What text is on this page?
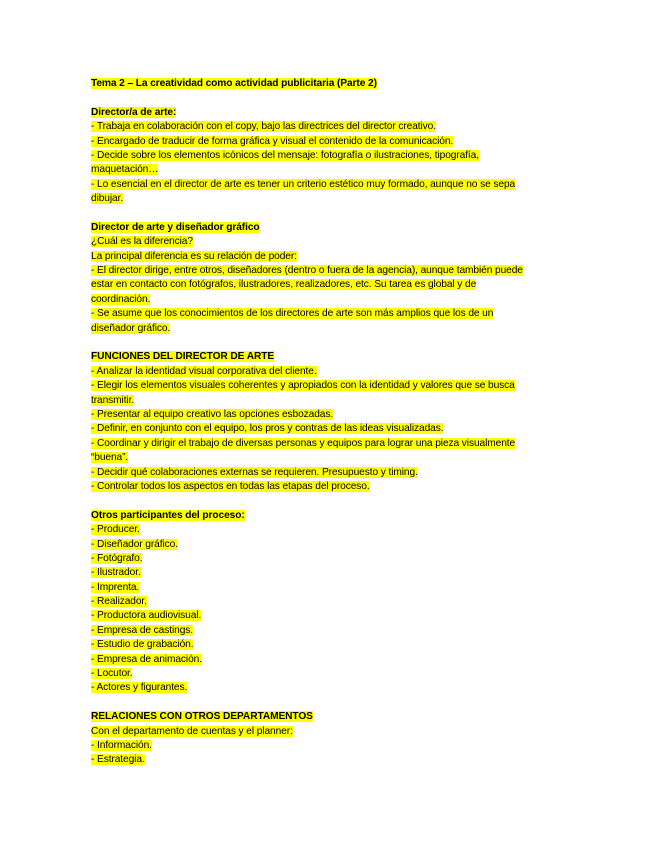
Tema 2 – La creatividad como actividad publicitaria (Parte 2)
Director/a de arte:
- Trabaja en colaboración con el copy, bajo las directrices del director creativo.
- Encargado de traducir de forma gráfica y visual el contenido de la comunicación.
- Decide sobre los elementos icónicos del mensaje: fotografía o ilustraciones, tipografía,
maquetación…
- Lo esencial en el director de arte es tener un criterio estético muy formado, aunque no se sepa
dibujar.
Director de arte y diseñador gráfico
¿Cuál es la diferencia?
La principal diferencia es su relación de poder:
- El director dirige, entre otros, diseñadores (dentro o fuera de la agencia), aunque también puede
estar en contacto con fotógrafos, ilustradores, realizadores, etc. Su tarea es global y de
coordinación.
- Se asume que los conocimientos de los directores de arte son más amplios que los de un
diseñador gráfico.
FUNCIONES DEL DIRECTOR DE ARTE
- Analizar la identidad visual corporativa del cliente.
- Elegir los elementos visuales coherentes y apropiados con la identidad y valores que se busca
transmitir.
- Presentar al equipo creativo las opciones esbozadas.
- Definir, en conjunto con el equipo, los pros y contras de las ideas visualizadas.
- Coordinar y dirigir el trabajo de diversas personas y equipos para lograr una pieza visualmente
“buena”.
- Decidir qué colaboraciones externas se requieren. Presupuesto y timing.
- Controlar todos los aspectos en todas las etapas del proceso.
Otros participantes del proceso:
- Producer.
- Diseñador gráfico.
- Fotógrafo.
- Ilustrador.
- Imprenta.
- Realizador.
- Productora audiovisual.
- Empresa de castings.
- Estudio de grabación.
- Empresa de animación.
- Locutor.
- Actores y figurantes.
RELACIONES CON OTROS DEPARTAMENTOS
Con el departamento de cuentas y el planner:
- Información.
- Estrategia.
